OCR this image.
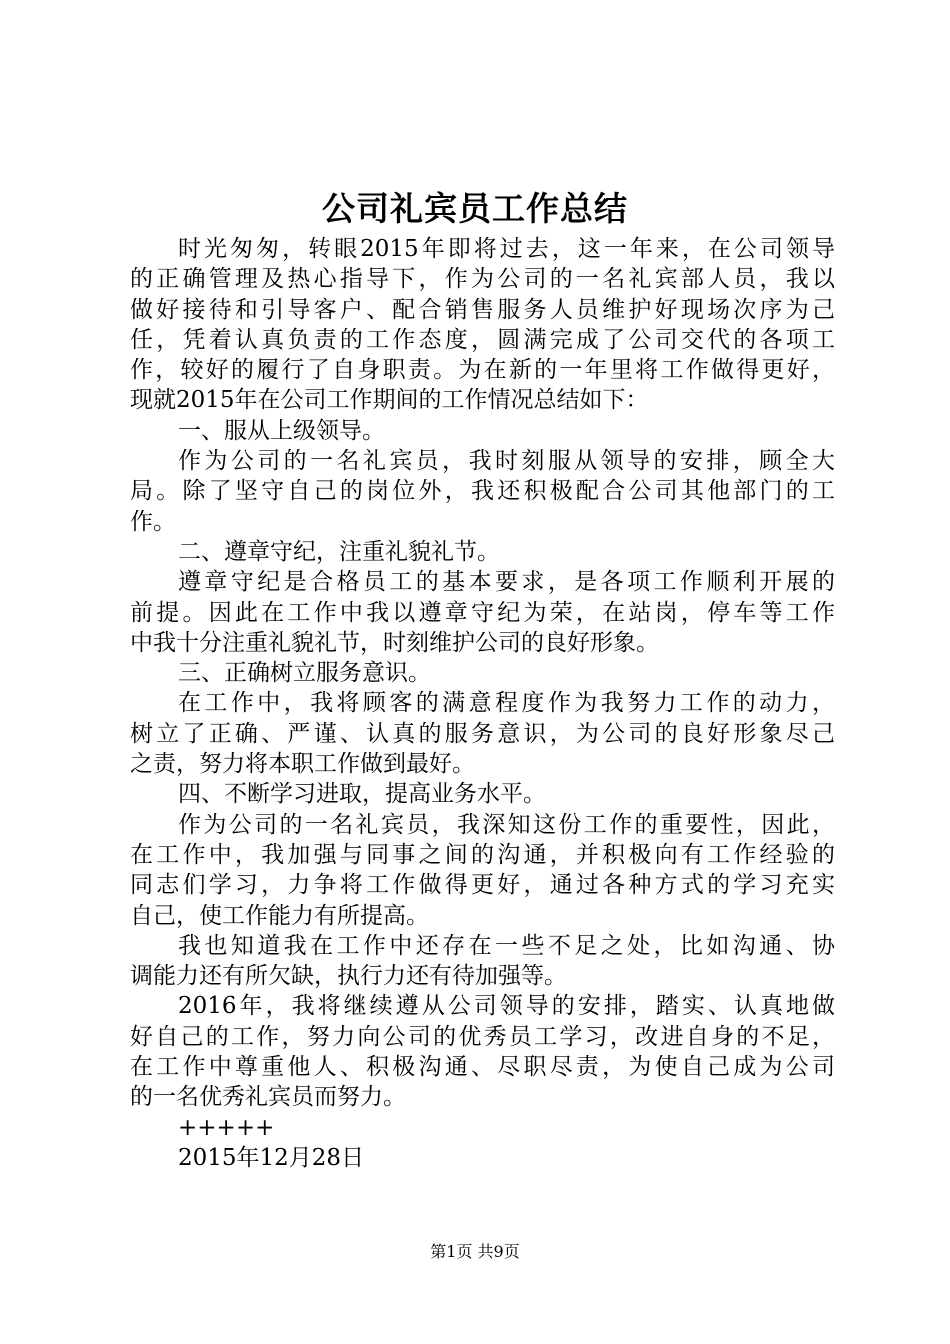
公司礼宾员工作总结
时光匆匆，转眼2015年即将过去，这一年来，在公司领导
的正确管理及热心指导下，作为公司的一名礼宾部人员，我以
做好接待和引导客户、配合销售服务人员维护好现场次序为己
任，凭着认真负责的工作态度，圆满完成了公司交代的各项工
作，较好的履行了自身职责。为在新的一年里将工作做得更好，
现就2015年在公司工作期间的工作情况总结如下：
一、服从上级领导。
作为公司的一名礼宾员，我时刻服从领导的安排，顾全大
局。除了坚守自己的岗位外，我还积极配合公司其他部门的工
作。
二、遵章守纪，注重礼貌礼节。
遵章守纪是合格员工的基本要求，是各项工作顺利开展的
前提。因此在工作中我以遵章守纪为荣，在站岗，停车等工作
中我十分注重礼貌礼节，时刻维护公司的良好形象。
三、正确树立服务意识。
在工作中，我将顾客的满意程度作为我努力工作的动力，
树立了正确、严谨、认真的服务意识，为公司的良好形象尽己
之责，努力将本职工作做到最好。
四、不断学习进取，提高业务水平。
作为公司的一名礼宾员，我深知这份工作的重要性，因此，
在工作中，我加强与同事之间的沟通，并积极向有工作经验的
同志们学习，力争将工作做得更好，通过各种方式的学习充实
自己，使工作能力有所提高。
我也知道我在工作中还存在一些不足之处，比如沟通、协
调能力还有所欠缺，执行力还有待加强等。
2016年，我将继续遵从公司领导的安排，踏实、认真地做
好自己的工作，努力向公司的优秀员工学习，改进自身的不足，
在工作中尊重他人、积极沟通、尽职尽责，为使自己成为公司
的一名优秀礼宾员而努力。
+++++
2015年12月28日
第1页 共9页
